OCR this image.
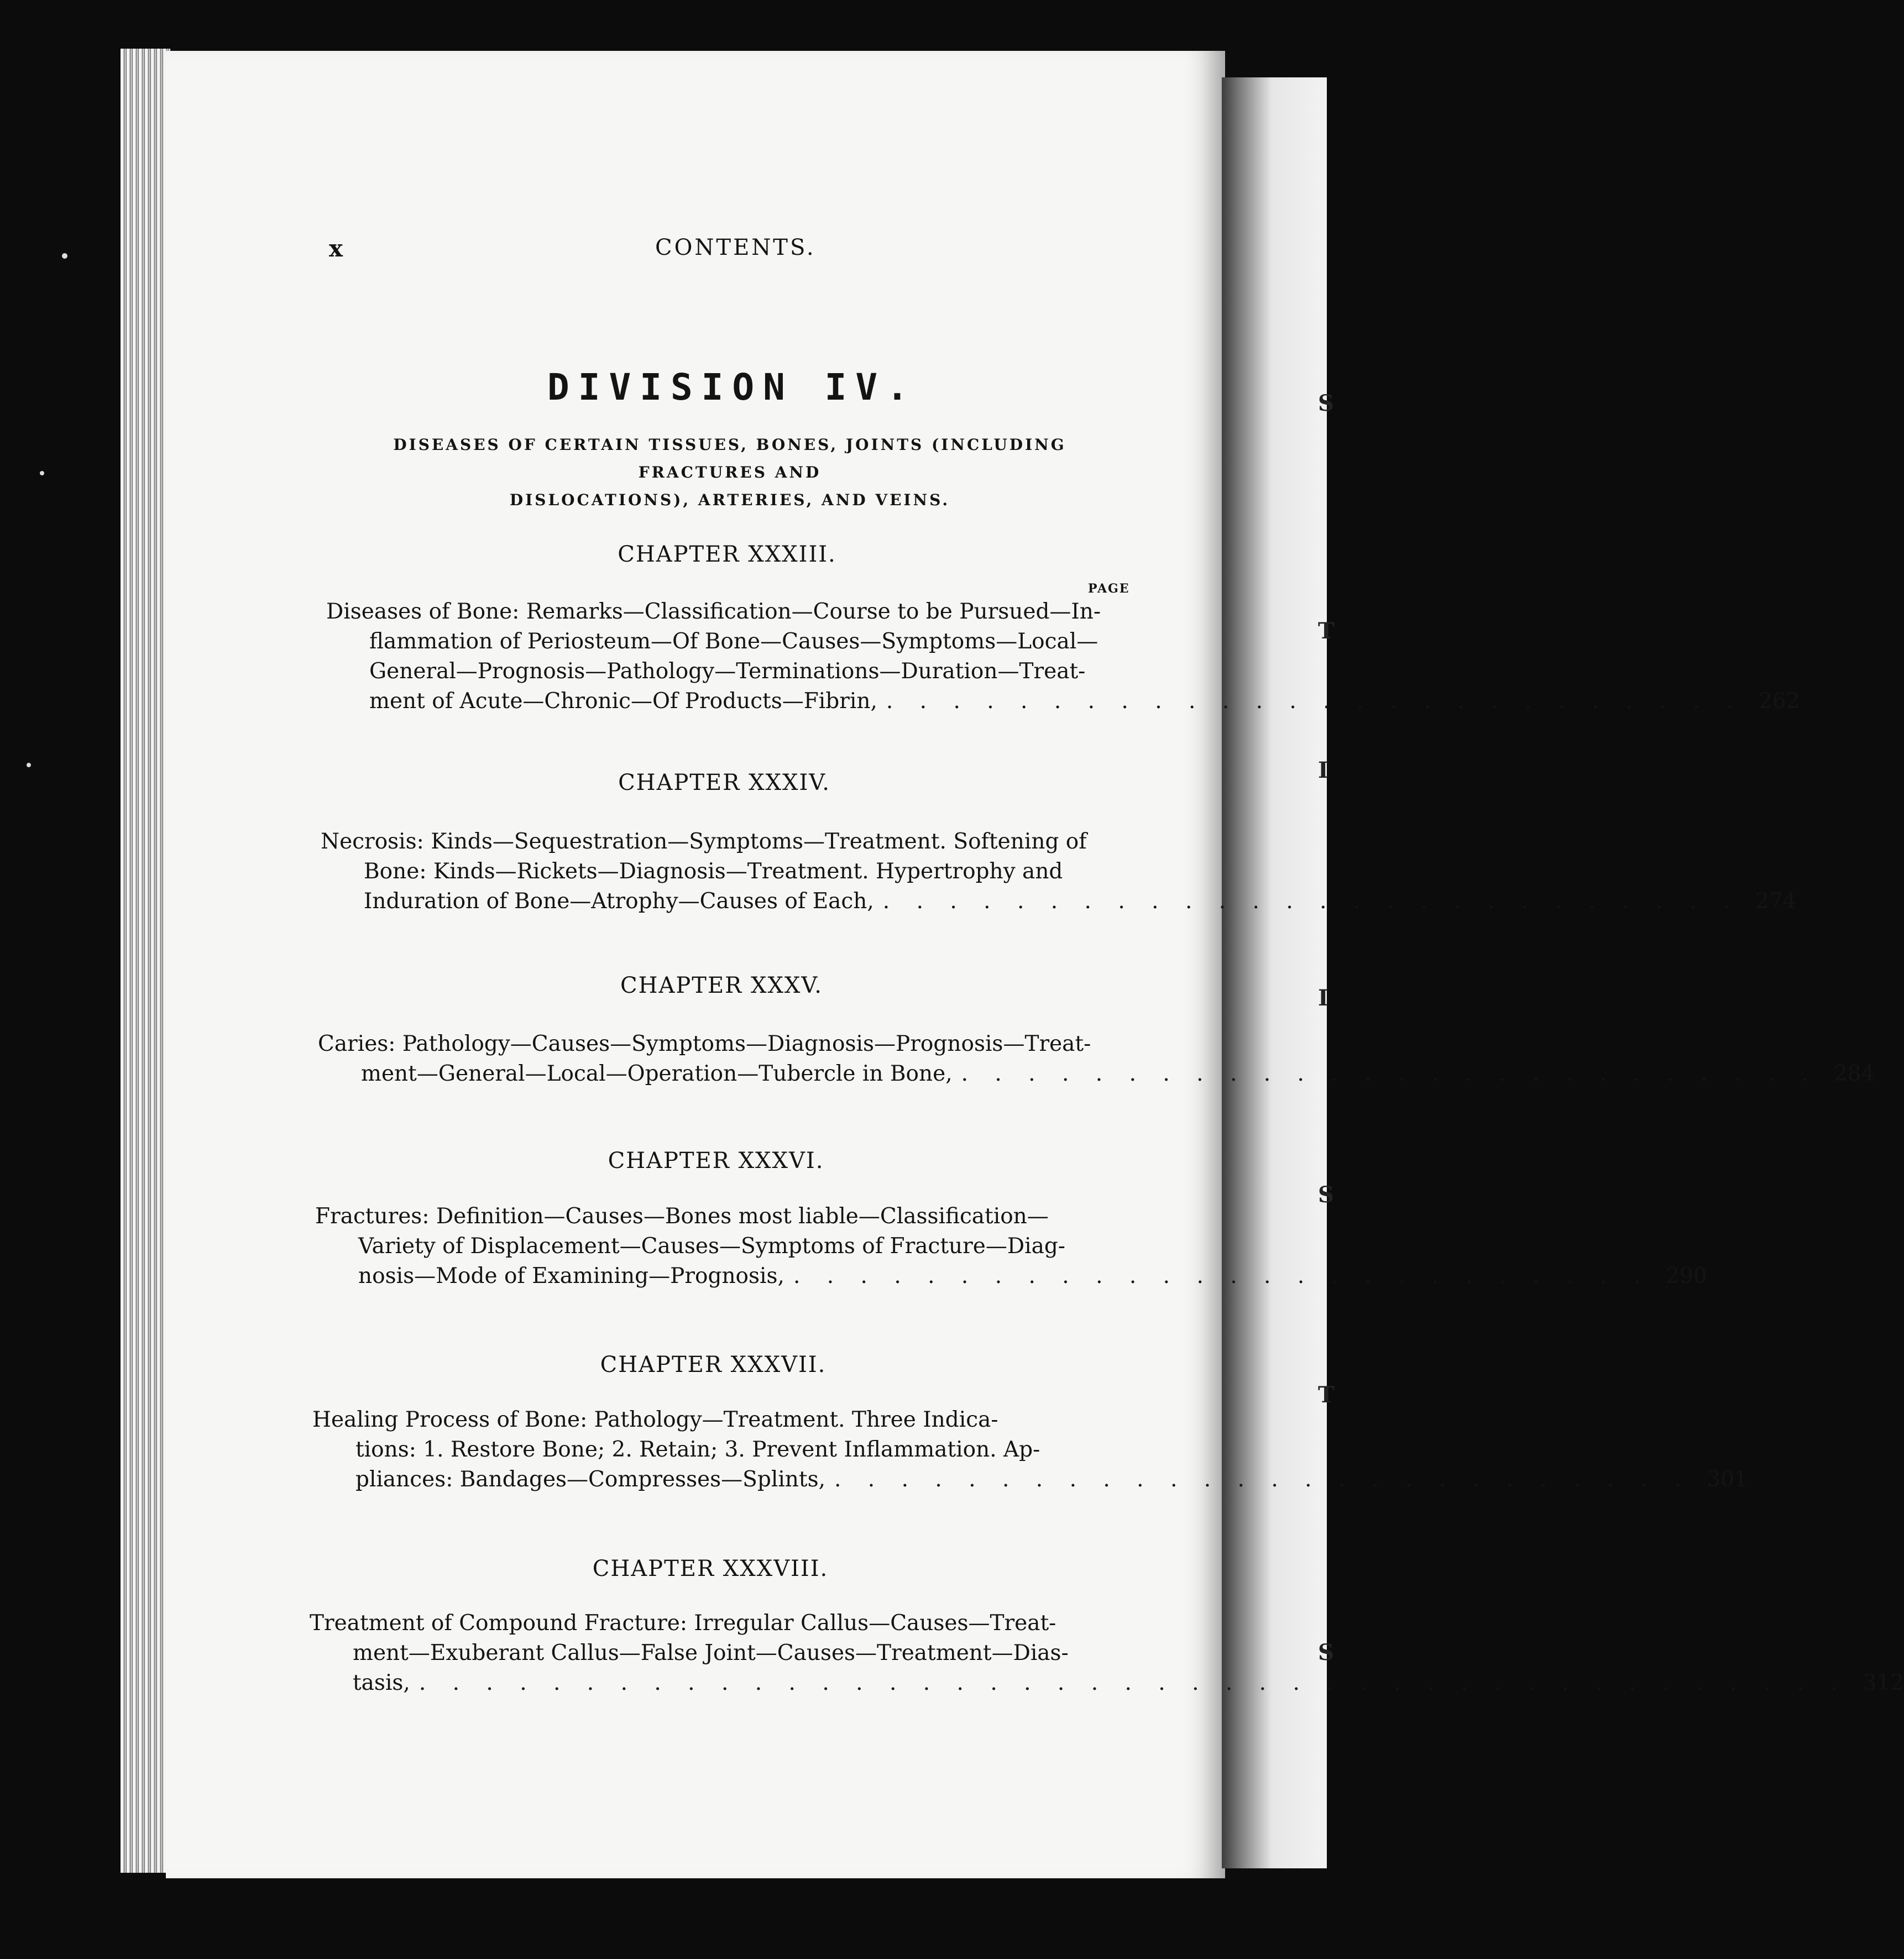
S
T
I
I
S
T
S
x	CONTENTS.
DIVISION IV.
DISEASES OF CERTAIN TISSUES, BONES, JOINTS (INCLUDING FRACTURES AND
DISLOCATIONS), ARTERIES, AND VEINS.
PAGE
CHAPTER XXXIII.
Diseases of Bone: Remarks—Classification—Course to be Pursued—In-
flammation of Periosteum—Of Bone—Causes—Symptoms—Local—
General—Prognosis—Pathology—Terminations—Duration—Treat-
ment of Acute—Chronic—Of Products—Fibrin, . . . . . . . . . . . . . . . . . . . . . . . . . . 262
CHAPTER XXXIV.
Necrosis: Kinds—Sequestration—Symptoms—Treatment. Softening of
Bone: Kinds—Rickets—Diagnosis—Treatment. Hypertrophy and
Induration of Bone—Atrophy—Causes of Each, . . . . . . . . . . . . . . . . . . . . . . . . . . 274
CHAPTER XXXV.
Caries: Pathology—Causes—Symptoms—Diagnosis—Prognosis—Treat-
ment—General—Local—Operation—Tubercle in Bone, . . . . . . . . . . . . . . . . . . . . . . . . . . 284
CHAPTER XXXVI.
Fractures: Definition—Causes—Bones most liable—Classification—
Variety of Displacement—Causes—Symptoms of Fracture—Diag-
nosis—Mode of Examining—Prognosis, . . . . . . . . . . . . . . . . . . . . . . . . . . 290
CHAPTER XXXVII.
Healing Process of Bone: Pathology—Treatment. Three Indica-
tions: 1. Restore Bone; 2. Retain; 3. Prevent Inflammation. Ap-
pliances: Bandages—Compresses—Splints, . . . . . . . . . . . . . . . . . . . . . . . . . . 301
CHAPTER XXXVIII.
Treatment of Compound Fracture: Irregular Callus—Causes—Treat-
ment—Exuberant Callus—False Joint—Causes—Treatment—Dias-
tasis, . . . . . . . . . . . . . . . . . . . . . . . . . . . . . . . . . . . . . . . . . . . 312
